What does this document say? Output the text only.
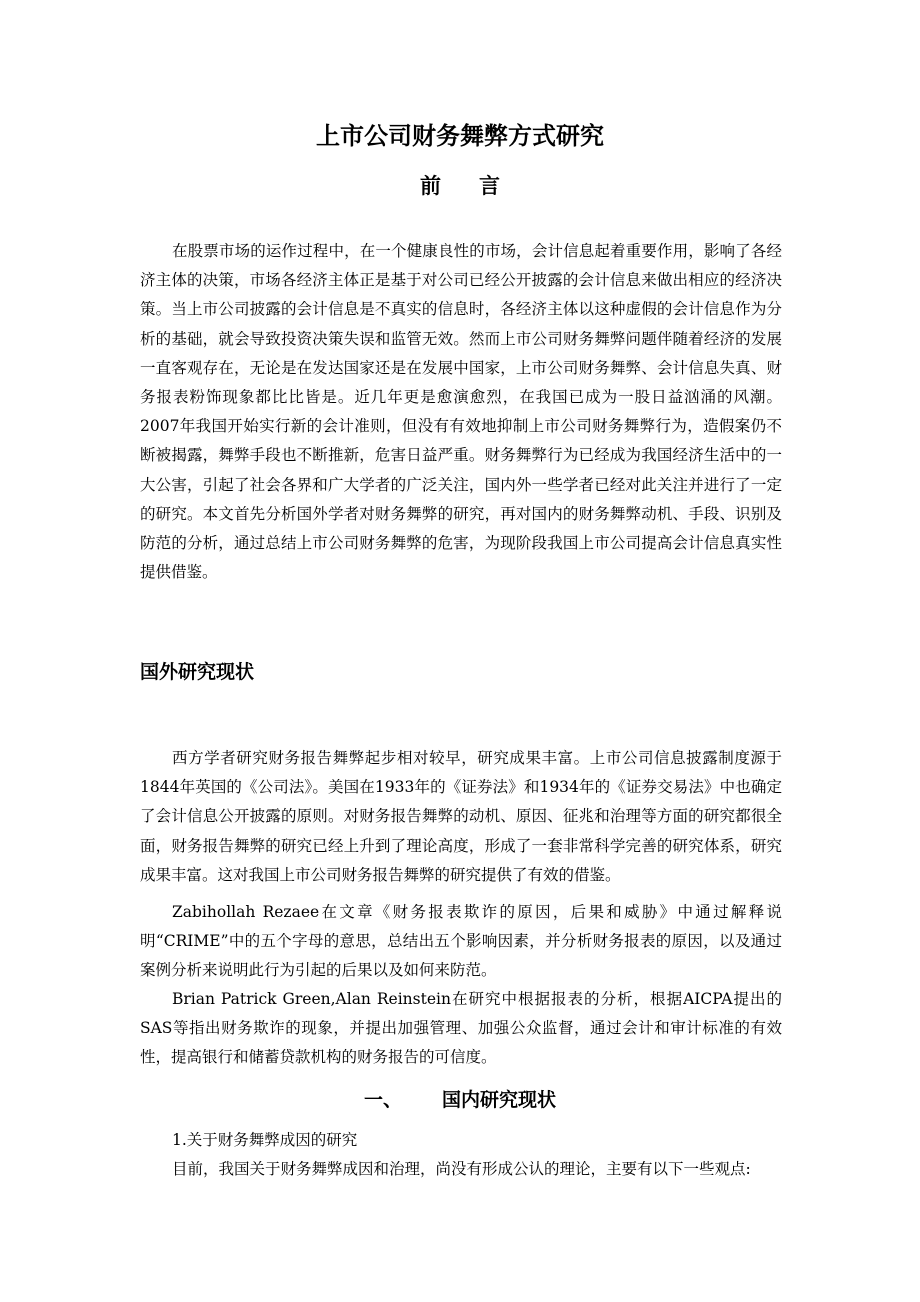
上市公司财务舞弊方式研究
前 言

在股票市场的运作过程中，在一个健康良性的市场，会计信息起着重要作用，影响了各经济主体的决策，市场各经济主体正是基于对公司已经公开披露的会计信息来做出相应的经济决策。当上市公司披露的会计信息是不真实的信息时，各经济主体以这种虚假的会计信息作为分析的基础，就会导致投资决策失误和监管无效。然而上市公司财务舞弊问题伴随着经济的发展一直客观存在，无论是在发达国家还是在发展中国家，上市公司财务舞弊、会计信息失真、财务报表粉饰现象都比比皆是。近几年更是愈演愈烈，在我国已成为一股日益汹涌的风潮。2007年我国开始实行新的会计准则，但没有有效地抑制上市公司财务舞弊行为，造假案仍不断被揭露，舞弊手段也不断推新，危害日益严重。财务舞弊行为已经成为我国经济生活中的一大公害，引起了社会各界和广大学者的广泛关注，国内外一些学者已经对此关注并进行了一定的研究。本文首先分析国外学者对财务舞弊的研究，再对国内的财务舞弊动机、手段、识别及防范的分析，通过总结上市公司财务舞弊的危害，为现阶段我国上市公司提高会计信息真实性提供借鉴。

国外研究现状

西方学者研究财务报告舞弊起步相对较早，研究成果丰富。上市公司信息披露制度源于1844年英国的《公司法》。美国在1933年的《证券法》和1934年的《证券交易法》中也确定了会计信息公开披露的原则。对财务报告舞弊的动机、原因、征兆和治理等方面的研究都很全面，财务报告舞弊的研究已经上升到了理论高度，形成了一套非常科学完善的研究体系，研究成果丰富。这对我国上市公司财务报告舞弊的研究提供了有效的借鉴。

Zabihollah Rezaee在文章《财务报表欺诈的原因，后果和威胁》中通过解释说明“CRIME”中的五个字母的意思，总结出五个影响因素，并分析财务报表的原因，以及通过案例分析来说明此行为引起的后果以及如何来防范。

Brian Patrick Green,Alan Reinstein在研究中根据报表的分析，根据AICPA提出的SAS等指出财务欺诈的现象，并提出加强管理、加强公众监督，通过会计和审计标准的有效性，提高银行和储蓄贷款机构的财务报告的可信度。

一、 国内研究现状

1.关于财务舞弊成因的研究

目前，我国关于财务舞弊成因和治理，尚没有形成公认的理论，主要有以下一些观点:
